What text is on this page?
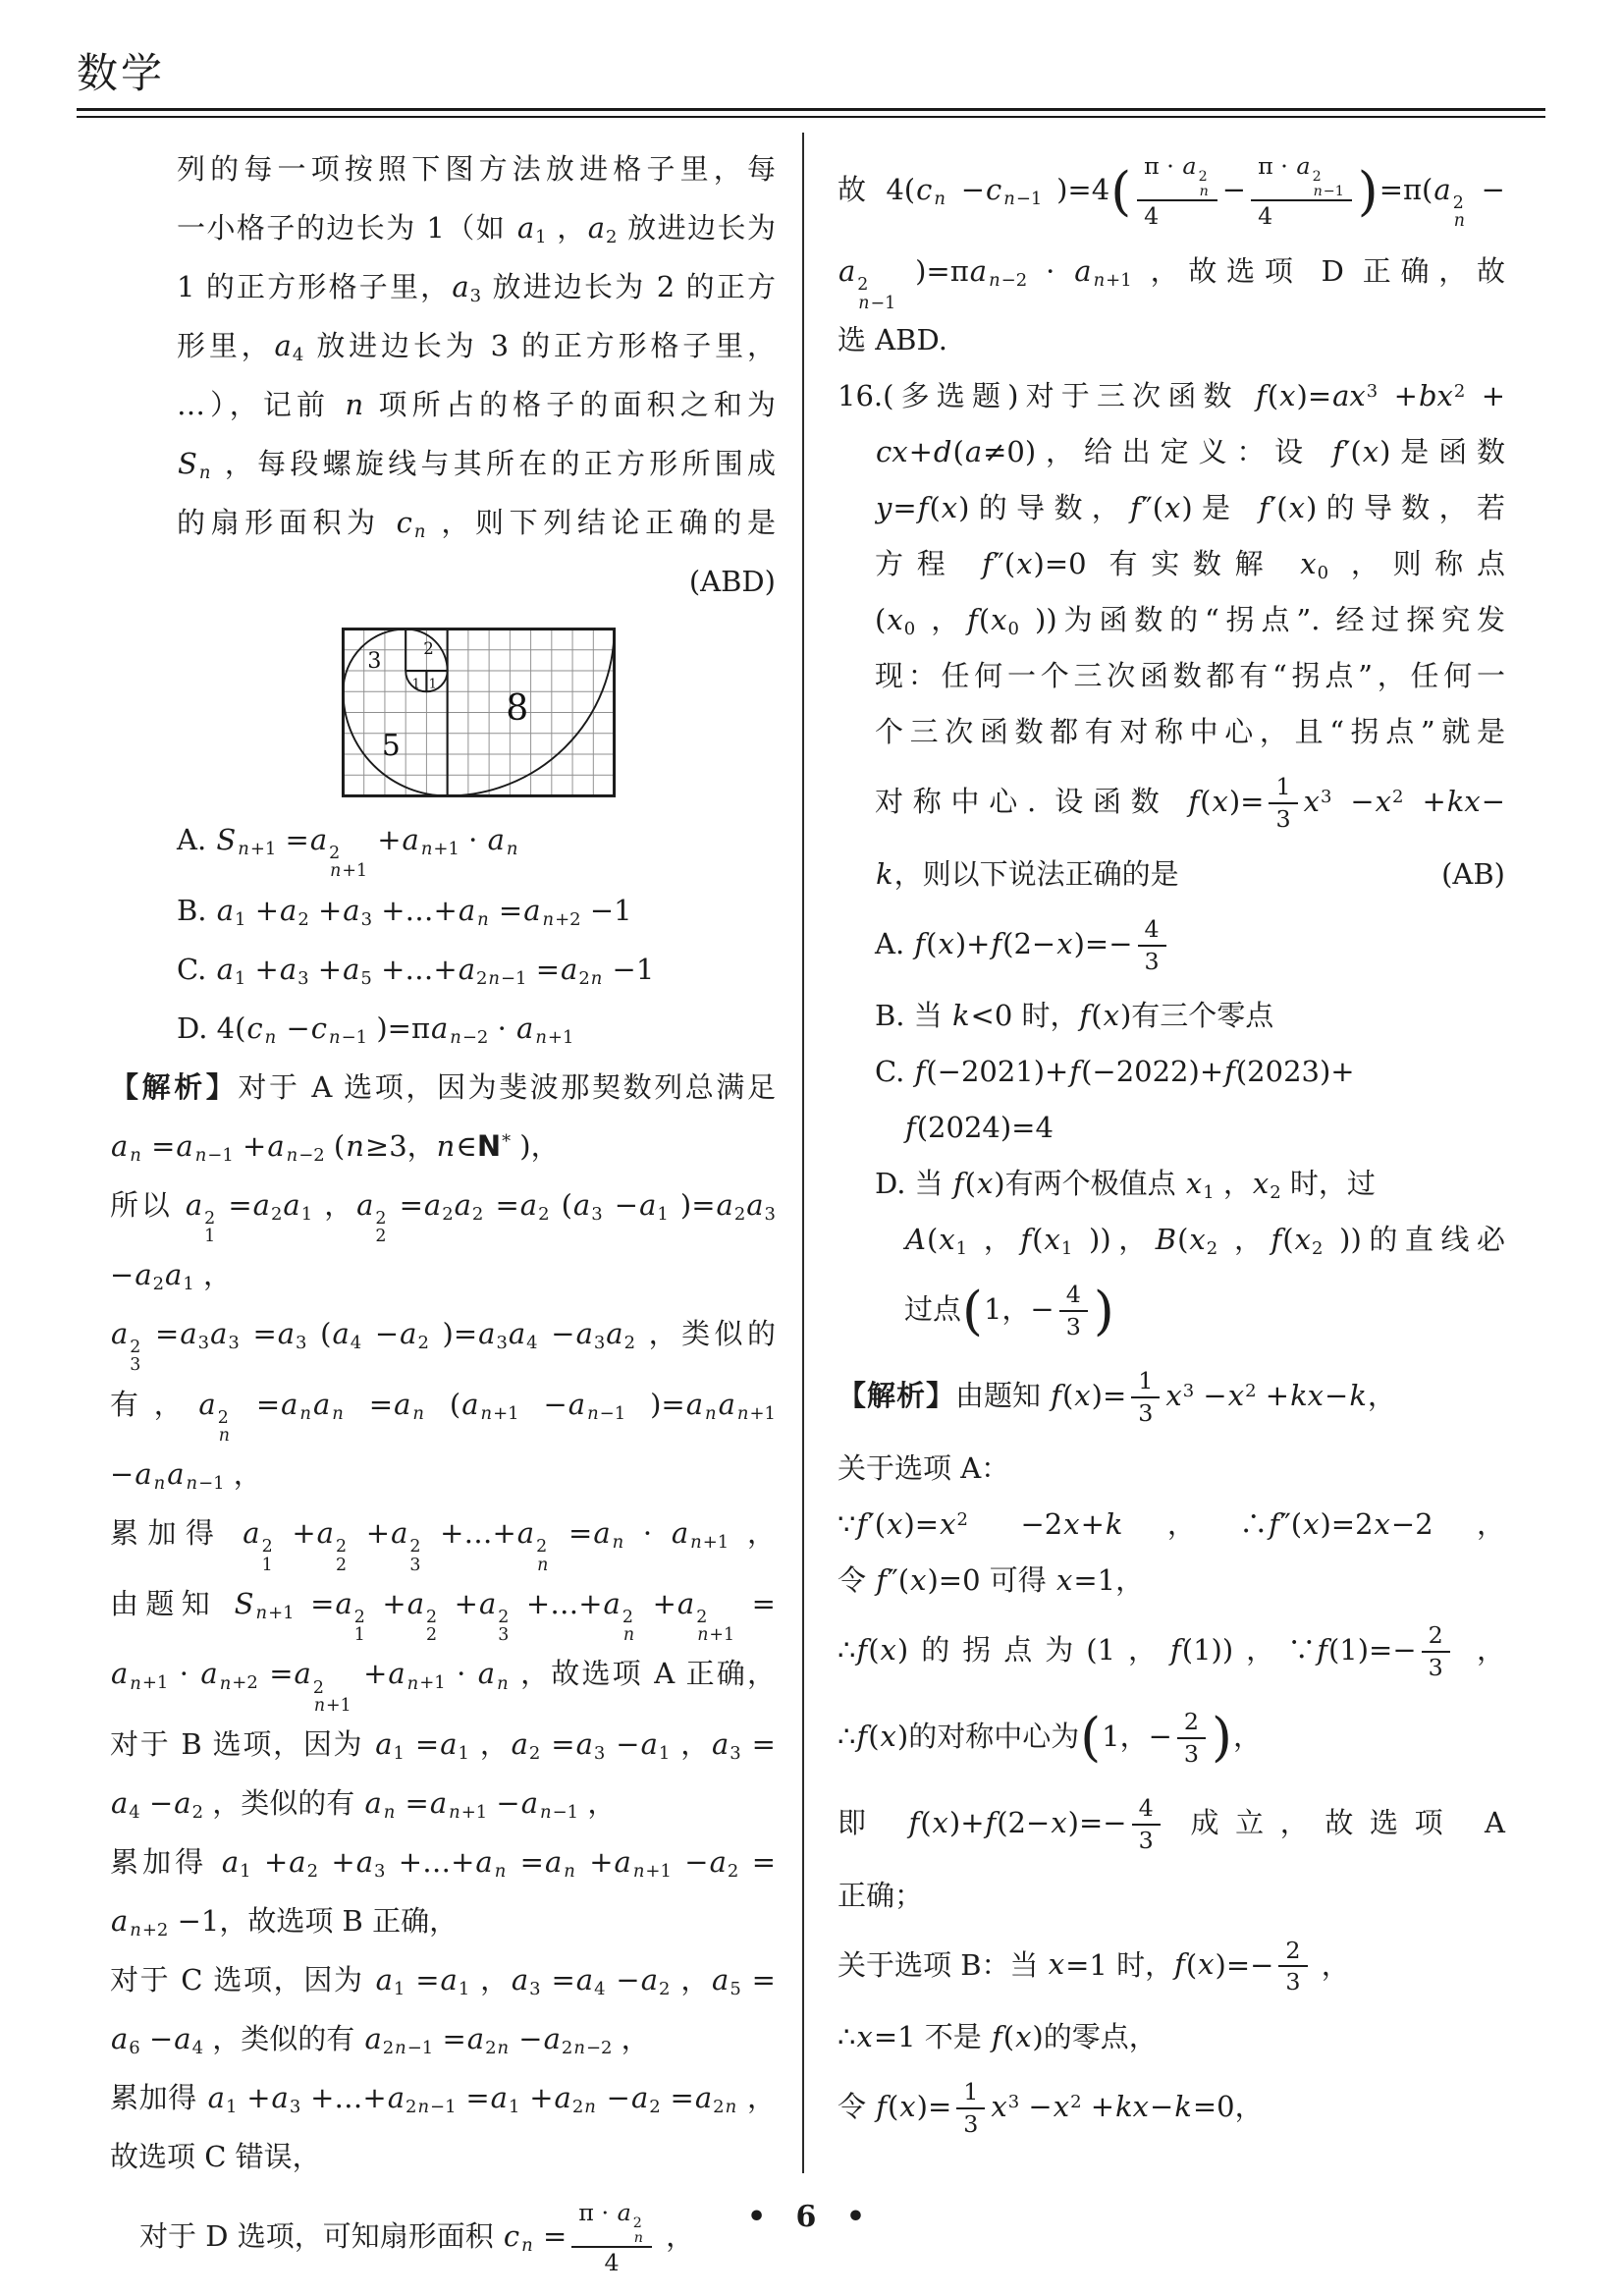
数学
列的每一项按照下图方法放进格子里，每
一小格子的边长为 1（如 $a_1$ ，$a_2$ 放进边长为
1 的正方形格子里，$a_3$ 放进边长为 2 的正方
形里，$a_4$ 放进边长为 3 的正方形格子里，
…），记前 n 项所占的格子的面积之和为
S $_n$ ，每段螺旋线与其所在的正方形所围成
的扇形面积为 c $_n$ ，则下列结论正确的是
(ABD)
3
5
8
A. S $_{n+1}$ =a 2
n+1
+a $_{n+1}$ · a $_n$
B. $a_1 +a_2 +a_3$ +…+a $_n$ =a $_{n+2}$ −1
C. $a_1 +a_3 +a_5$ $+\dots+a_{2n-1} =a_{2n} -1$
D. 4(c $_n$ −c $_{n-1}$ )=πa $_{n-2}$ · a $_{n+1}$
【解析】对于 A 选项，因为斐波那契数列总满足
a $_n$ =a $_{n-1}$ +a $_{n-2}$ (n≥3，n∈N* )，
所以 a 2
1
$=a_2a_1$ ，a 2
2
$=a_2a_2 =a_2$ ($a_3 -a_1$ )$=a_2a_3$
$-a_2a_1$ ，
a 2
3
$=a_3a_3 =a_3$ ($a_4 -a_2$ )$=a_3a_4 -a_3a_2$ ，类似的
有，a 2
n
=a $_n$a $_n$ =a $_n$ (a $_{n+1}$ −a $_{n-1}$ )=a $_n$a $_{n+1}$
−a $_n$a $_{n-1}$ ，
累加得 a 2
1
+a 2
2
+a 2
3
+…+a 2
n
=a $_n$ · a $_{n+1}$ ，
由题知 S $_{n+1}$ =a 2
1
+a 2
2
+a 2
3
+…+a 2
n
+a 2
n+1
=
a $_{n+1}$ · a $_{n+2}$ =a 2
n+1
+a $_{n+1}$ · a $_n$ ，故选项 A 正确，
对于 B 选项，因为 $a_1 =a_1$ ，$a_2 =a_3 -a_1$ ，$a_3$ =
$a_4 -a_2$ ，类似的有 a $_n$ =a $_{n+1}$ −a $_{n-1}$ ，
累加得 $a_1 +a_2 +a_3$ +…+a $_n$ =a $_n$ +a $_{n+1} -a_2$ =
a $_{n+2}$ −1，故选项 B 正确，
对于 C 选项，因为 $a_1 =a_1$ ，$a_3 =a_4 -a_2$ ，$a_5$ =
$a_6 -a_4$ ，类似的有 $a_{2n-1} =a_{2n} -a_{2n-2}$ ，
累加得 $a_1 +a_3$ $+\dots+a_{2n-1} =a_1 +a_{2n} -a_2 =a_{2n}$ ，
故选项 C 错误，
对于 D 选项，可知扇形面积 c $_n$ = π · a 2
n
4 ，
故 4(c $_n$ −c $_{n-1}$ )=4( π · a 2
n
4 − π · a 2
n−1
4 )=π(a 2
n
−
a 2
n−1
)=πa $_{n-2}$ · a $_{n+1}$ ，故选项 D 正确，故
选 ABD.
16.(多选题)对于三次函数 $f(x)=ax^3 +bx^2$ +
cx+d(a≠0)，给出定义：设 f′(x)是函数
y=f(x)的导数，f″(x)是 f′(x)的导数，若
方程 f″(x)=0 有实数解 $x_0$ ，则称点
($x_0$ ，$f(x_0$ ))为函数的“拐点”. 经过探究发
现：任何一个三次函数都有“拐点”，任何一
个三次函数都有对称中心，且“拐点”就是
对称中心. 设函数 $f(x)= \frac{1}{3} x^3 -x^2 +kx-$
k，则以下说法正确的是	(AB)
A. $f(x)+f(2-x)=- \frac{4}{3}$
B. 当 k<0 时，f(x)有三个零点
C. f(−2021)+f(−2022)+f(2023)+
f(2024)=4
D. 当 f(x)有两个极值点 $x_1$ ，$x_2$ 时，过
$A(x_1$ ，$f(x_1$ ))，$B(x_2$ ，$f(x_2$ ))的直线必
过点(1，− $\frac{4}{3}$ )
【解析】由题知 $f(x)= \frac{1}{3} x^3 -x^2 +kx-k$，
关于选项 A：
$\because f'(x)=x^2 -2x+k$，∴f″(x)=2x−2，
令 f″(x)=0 可得 x=1，
∴f(x)的拐点为(1，f(1))，∵f(1)=− $\frac{2}{3}$ ，
∴f(x)的对称中心为(1，− $\frac{2}{3}$ )，
即 $f(x)+f(2-x)=- \frac{4}{3}$ 成立，故选项 A
正确；
关于选项 B：当 x=1 时，$f(x)=- \frac{2}{3}$ ，
∴x=1 不是 f(x)的零点，
令 $f(x)= \frac{1}{3} x^3 -x^2 +kx-k=0$，
• 6 •
